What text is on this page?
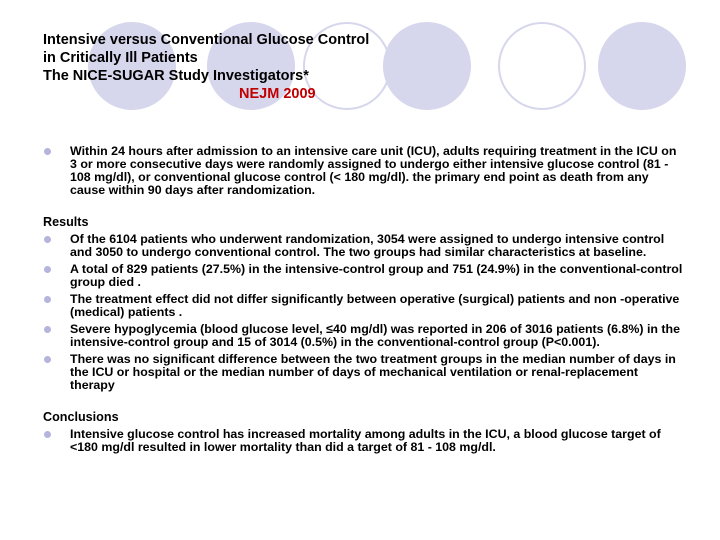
Intensive versus Conventional Glucose Control
in Critically Ill Patients
The NICE-SUGAR Study Investigators*
NEJM 2009
Within 24 hours after admission to an intensive care unit (ICU), adults requiring treatment in the ICU on 3 or more consecutive days were randomly assigned to undergo either intensive glucose control (81 - 108 mg/dl), or conventional glucose control (< 180 mg/dl). the primary end point as death from any cause within 90 days after randomization.
Results
Of the 6104 patients who underwent randomization, 3054 were assigned to undergo intensive control and 3050 to undergo conventional control. The two groups had similar characteristics at baseline.
A total of 829 patients (27.5%) in the intensive-control group and 751 (24.9%) in the conventional-control group died .
The treatment effect did not differ significantly between operative (surgical) patients and non -operative (medical) patients .
Severe hypoglycemia (blood glucose level, ≤40 mg/dl) was reported in 206 of 3016 patients (6.8%) in the intensive-control group and 15 of 3014 (0.5%) in the conventional-control group (P<0.001).
There was no significant difference between the two treatment groups in the median number of days in the ICU or hospital or the median number of days of mechanical ventilation or renal-replacement therapy
Conclusions
Intensive glucose control has increased mortality among adults in the ICU, a blood glucose target of <180 mg/dl resulted in lower mortality than did a target of 81 - 108 mg/dl.
